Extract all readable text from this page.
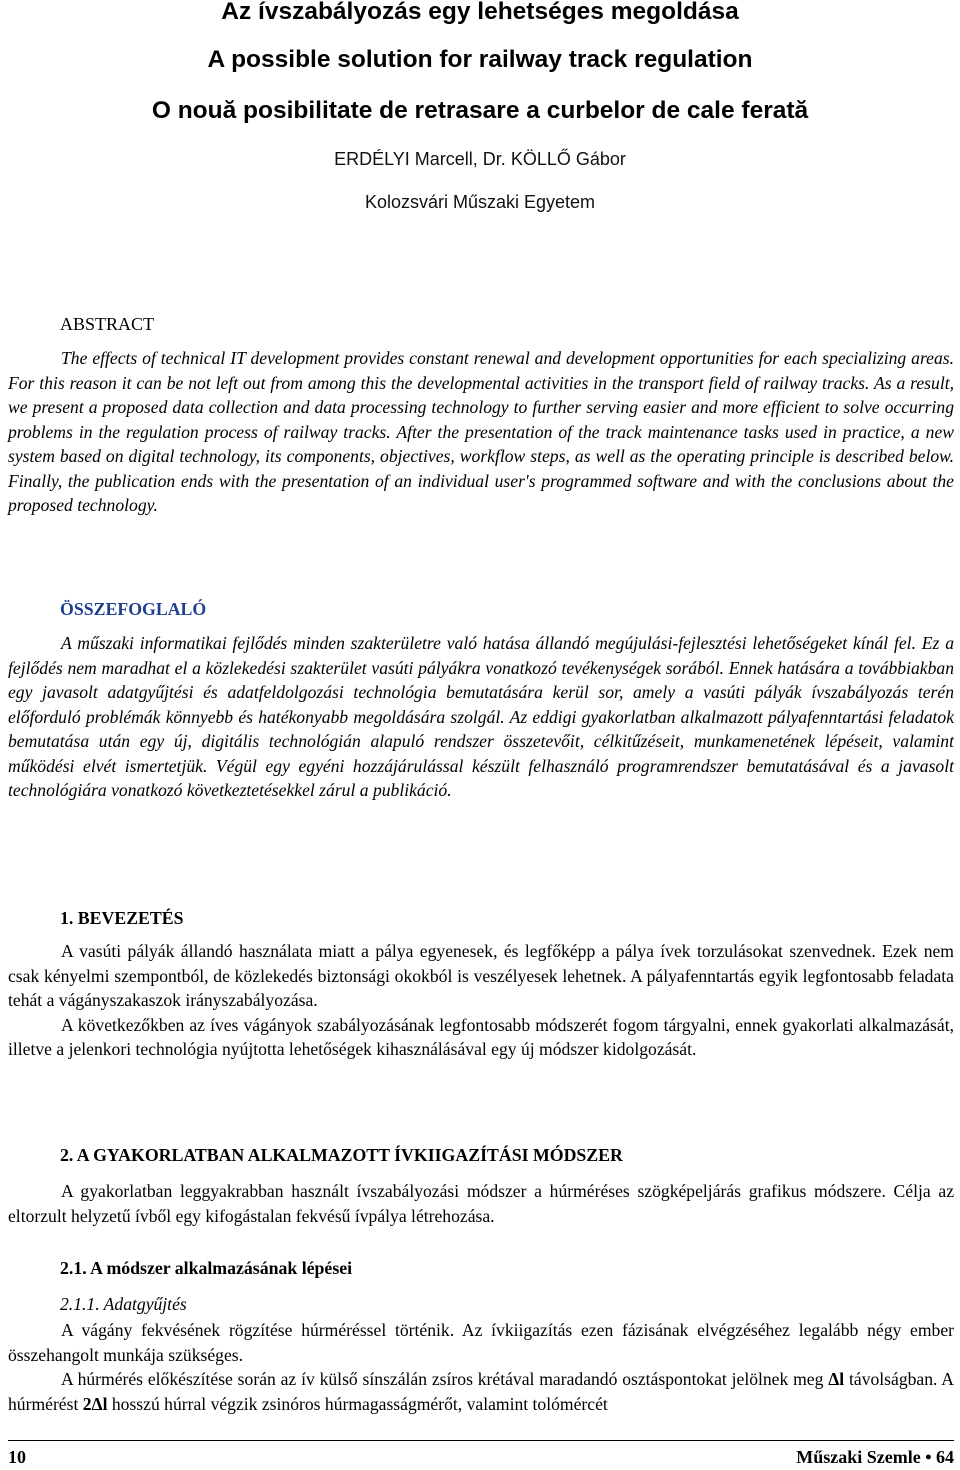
Az ívszabályozás egy lehetséges megoldása
A possible solution for railway track regulation
O nouă posibilitate de retrasare a curbelor de cale ferată
ERDÉLYI Marcell, Dr. KÖLLŐ Gábor
Kolozsvári Műszaki Egyetem
ABSTRACT
The effects of technical IT development provides constant renewal and development opportunities for each specializing areas. For this reason it can be not left out from among this the developmental activities in the transport field of railway tracks. As a result, we present a proposed data collection and data processing technology to further serving easier and more efficient to solve occurring problems in the regulation process of railway tracks. After the presentation of the track maintenance tasks used in practice, a new system based on digital technology, its components, objectives, workflow steps, as well as the operating principle is described below. Finally, the publication ends with the presentation of an individual user's programmed software and with the conclusions about the proposed technology.
ÖSSZEFOGLALÓ
A műszaki informatikai fejlődés minden szakterületre való hatása állandó megújulási-fejlesztési lehetőségeket kínál fel. Ez a fejlődés nem maradhat el a közlekedési szakterület vasúti pályákra vonatkozó tevékenységek sorából. Ennek hatására a továbbiakban egy javasolt adatgyűjtési és adatfeldolgozási technológia bemutatására kerül sor, amely a vasúti pályák ívszabályozás terén előforduló problémák könnyebb és hatékonyabb megoldására szolgál. Az eddigi gyakorlatban alkalmazott pályafenntartási feladatok bemutatása után egy új, digitális technológián alapuló rendszer összetevőit, célkitűzéseit, munkamenetének lépéseit, valamint működési elvét ismertetjük. Végül egy egyéni hozzájárulással készült felhasználó programrendszer bemutatásával és a javasolt technológiára vonatkozó következtetésekkel zárul a publikáció.
1. BEVEZETÉS

A vasúti pályák állandó használata miatt a pálya egyenesek, és legfőképp a pálya ívek torzulásokat szenvednek. Ezek nem csak kényelmi szempontból, de közlekedés biztonsági okokból is veszélyesek lehetnek. A pályafenntartás egyik legfontosabb feladata tehát a vágányszakaszok irányszabályozása.

A következőkben az íves vágányok szabályozásának legfontosabb módszerét fogom tárgyalni, ennek gyakorlati alkalmazását, illetve a jelenkori technológia nyújtotta lehetőségek kihasználásával egy új módszer kidolgozását.

2. A GYAKORLATBAN ALKALMAZOTT ÍVKIIGAZÍTÁSI MÓDSZER

A gyakorlatban leggyakrabban használt ívszabályozási módszer a húrméréses szögképeljárás grafikus módszere. Célja az eltorzult helyzetű ívből egy kifogástalan fekvésű ívpálya létrehozása.

2.1. A módszer alkalmazásának lépései
2.1.1. Adatgyűjtés

A vágány fekvésének rögzítése húrméréssel történik. Az ívkiigazítás ezen fázisának elvégzéséhez legalább négy ember összehangolt munkája szükséges.

A húrmérés előkészítése során az ív külső sínszálán zsíros krétával maradandó osztáspontokat jelölnek meg Δl távolságban. A húrmérést 2Δl hosszú húrral végzik zsinóros húrmagasságmérőt, valamint tolómércét

10	Műszaki Szemle • 64
